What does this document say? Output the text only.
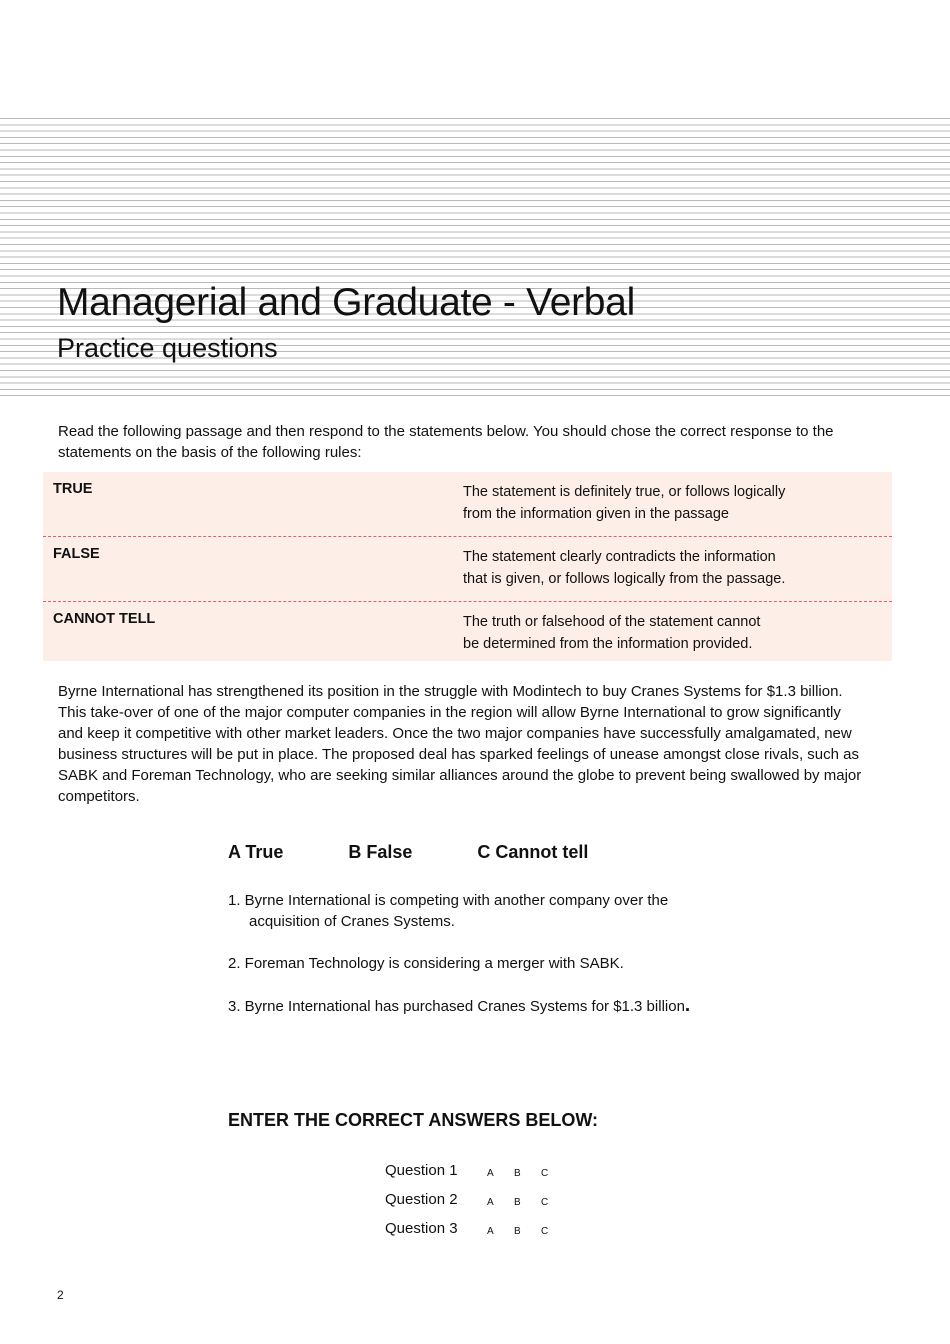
Managerial and Graduate - Verbal
Practice questions
Read the following passage and then respond to the statements below. You should chose the correct response to the statements on the basis of the following rules:
TRUE	The statement is definitely true, or follows logically
from the information given in the passage
FALSE	The statement clearly contradicts the information
that is given, or follows logically from the passage.
CANNOT TELL	The truth or falsehood of the statement cannot
be determined from the information provided.
Byrne International has strengthened its position in the struggle with Modintech to buy Cranes Systems for $1.3 billion. This take-over of one of the major computer companies in the region will allow Byrne International to grow significantly and keep it competitive with other market leaders. Once the two major companies have successfully amalgamated, new business structures will be put in place. The proposed deal has sparked feelings of unease amongst close rivals, such as SABK and Foreman Technology, who are seeking similar alliances around the globe to prevent being swallowed by major competitors.
A True	B False	C Cannot tell
1. Byrne International is competing with another company over the
acquisition of Cranes Systems.
2. Foreman Technology is considering a merger with SABK.
3. Byrne International has purchased Cranes Systems for $1.3 billion.
ENTER THE CORRECT ANSWERS BELOW:
Question 1	A	B	C
Question 2	A	B	C
Question 3	A	B	C
2
